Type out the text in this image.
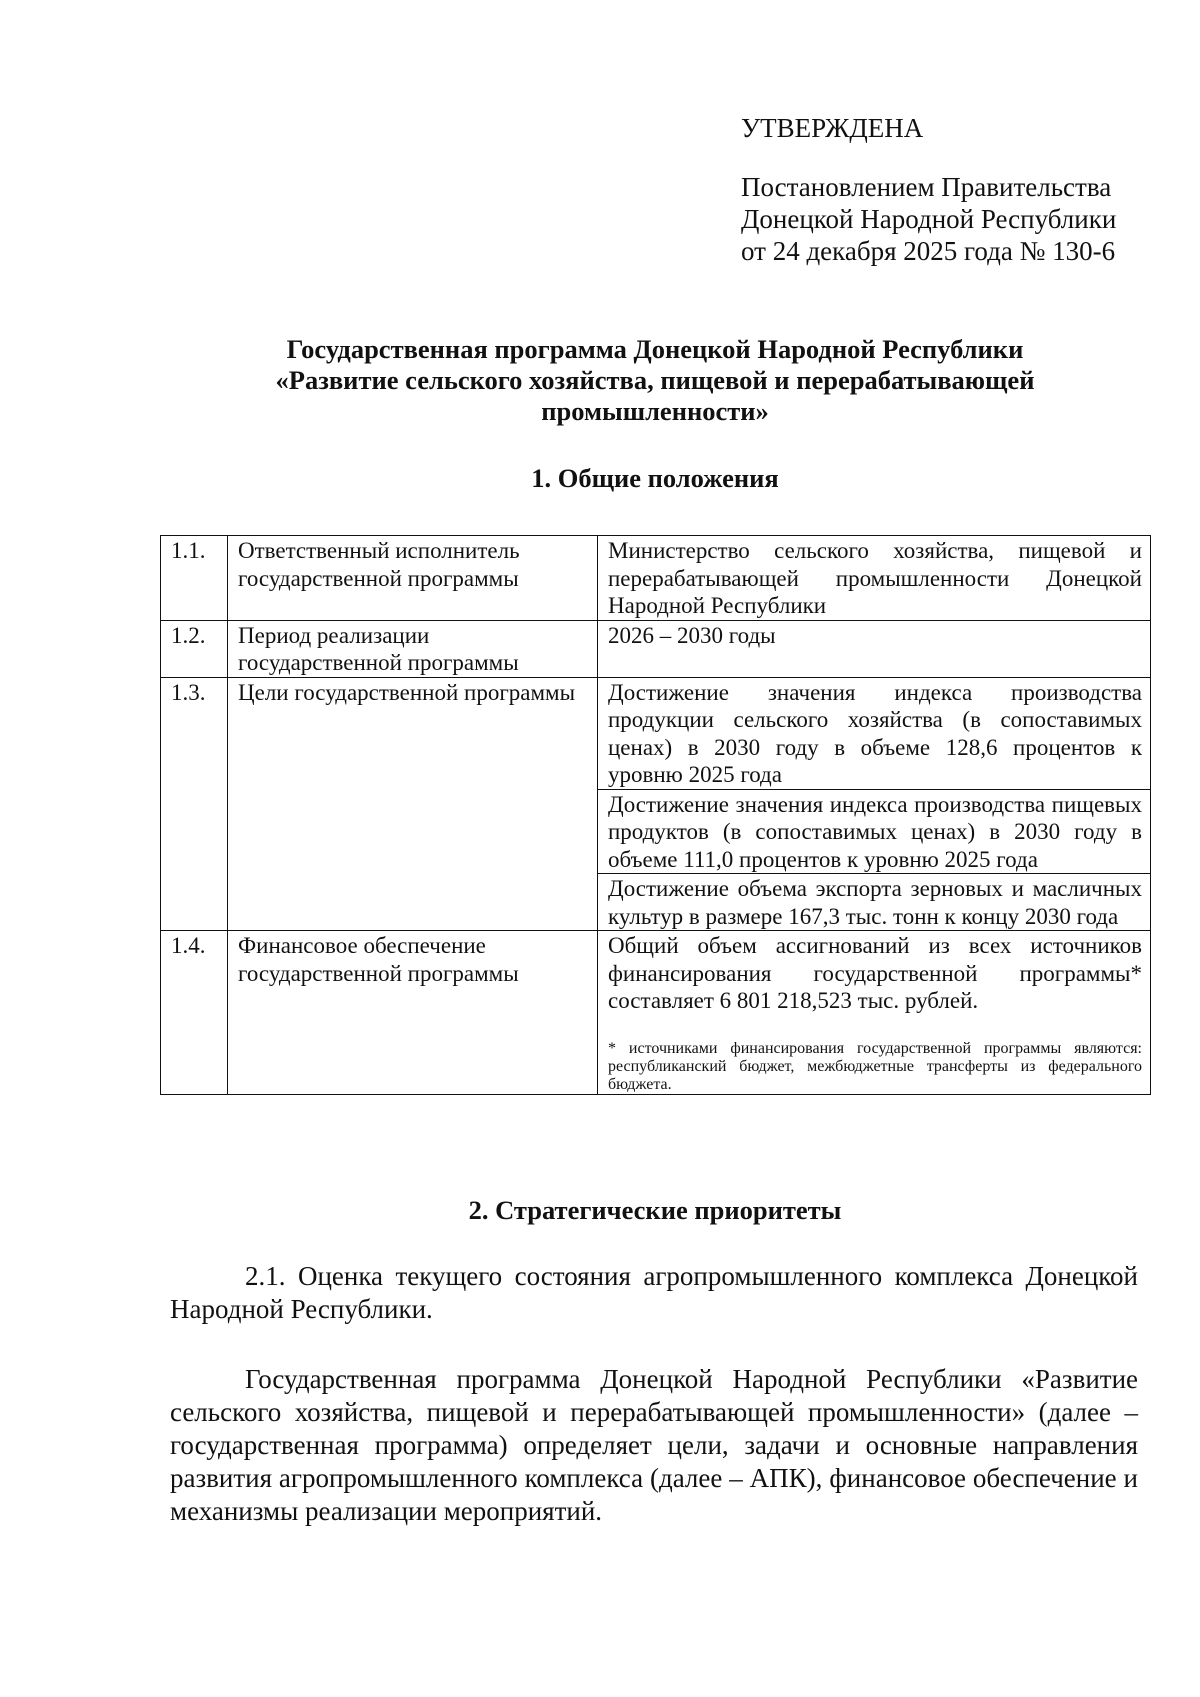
УТВЕРЖДЕНА
Постановлением Правительства
Донецкой Народной Республики
от 24 декабря 2025 года № 130-6
Государственная программа Донецкой Народной Республики
«Развитие сельского хозяйства, пищевой и перерабатывающей
промышленности»
1. Общие положения
1.1.	Ответственный исполнитель государственной программы	Министерство сельского хозяйства, пищевой и перерабатывающей промышленности Донецкой Народной Республики
1.2.	Период реализации государственной программы	2026 – 2030 годы
1.3.	Цели государственной программы	Достижение значения индекса производства продукции сельского хозяйства (в сопоставимых ценах) в 2030 году в объеме 128,6 процентов к уровню 2025 года
		Достижение значения индекса производства пищевых продуктов (в сопоставимых ценах) в 2030 году в объеме 111,0 процентов к уровню 2025 года
		Достижение объема экспорта зерновых и масличных культур в размере 167,3 тыс. тонн к концу 2030 года
1.4.	Финансовое обеспечение государственной программы	Общий объем ассигнований из всех источников финансирования государственной программы* составляет 6 801 218,523 тыс. рублей.

* источниками финансирования государственной программы являются: республиканский бюджет, межбюджетные трансферты из федерального бюджета.

2. Стратегические приоритеты

2.1. Оценка текущего состояния агропромышленного комплекса Донецкой Народной Республики.

Государственная программа Донецкой Народной Республики «Развитие сельского хозяйства, пищевой и перерабатывающей промышленности» (далее – государственная программа) определяет цели, задачи и основные направления развития агропромышленного комплекса (далее – АПК), финансовое обеспечение и механизмы реализации мероприятий.
